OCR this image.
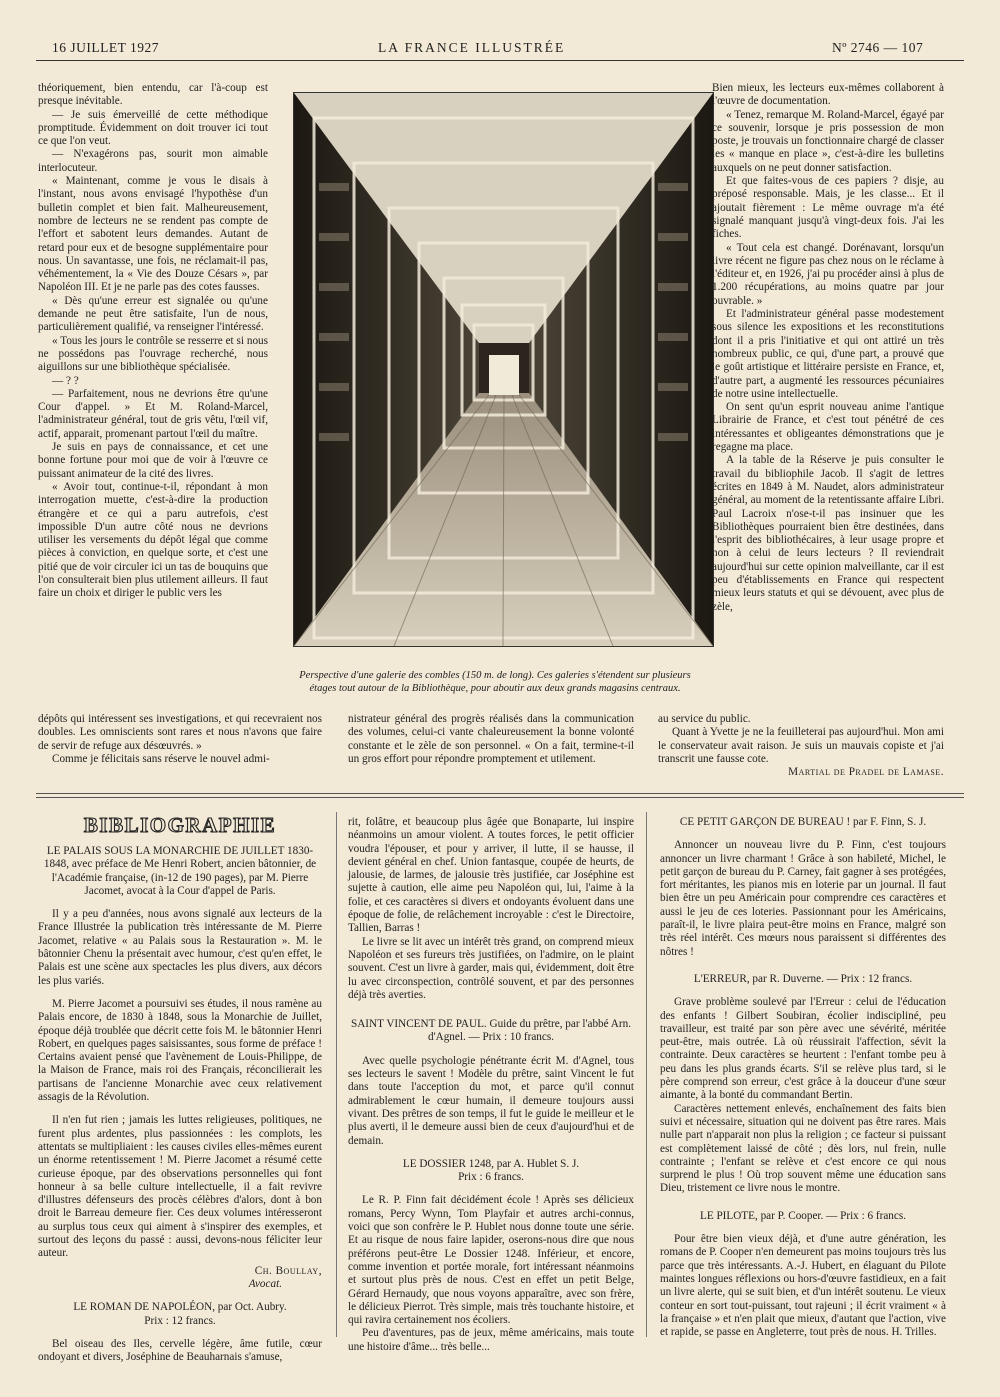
16 JUILLET 1927	LA FRANCE ILLUSTRÉE	Nº 2746 — 107

théoriquement, bien entendu, car l'à-coup est presque inévitable.

— Je suis émerveillé de cette méthodique promptitude. Évidemment on doit trouver ici tout ce que l'on veut.

— N'exagérons pas, sourit mon aimable interlocuteur.

« Maintenant, comme je vous le disais à l'instant, nous avons envisagé l'hypothèse d'un bulletin complet et bien fait. Malheureusement, nombre de lecteurs ne se rendent pas compte de l'effort et sabotent leurs demandes. Autant de retard pour eux et de besogne supplémentaire pour nous. Un savantasse, une fois, ne réclamait-il pas, véhémentement, la « Vie des Douze Césars », par Napoléon III. Et je ne parle pas des cotes fausses.

« Dès qu'une erreur est signalée ou qu'une demande ne peut être satisfaite, l'un de nous, particulièrement qualifié, va renseigner l'intéressé.

« Tous les jours le contrôle se resserre et si nous ne possédons pas l'ouvrage recherché, nous aiguillons sur une bibliothèque spécialisée.

— ? ?

— Parfaitement, nous ne devrions être qu'une Cour d'appel. » Et M. Roland-Marcel, l'administrateur général, tout de gris vêtu, l'œil vif, actif, apparait, promenant partout l'œil du maître.

Je suis en pays de connaissance, et cet une bonne fortune pour moi que de voir à l'œuvre ce puissant animateur de la cité des livres.

« Avoir tout, continue-t-il, répondant à mon interrogation muette, c'est-à-dire la production étrangère et ce qui a paru autrefois, c'est impossible D'un autre côté nous ne devrions utiliser les versements du dépôt légal que comme pièces à conviction, en quelque sorte, et c'est une pitié que de voir circuler ici un tas de bouquins que l'on consulterait bien plus utilement ailleurs. Il faut faire un choix et diriger le public vers les

Perspective d'une galerie des combles (150 m. de long). Ces galeries s'étendent sur plusieurs étages tout autour de la Bibliothèque, pour aboutir aux deux grands magasins centraux.

Bien mieux, les lecteurs eux-mêmes collaborent à l'œuvre de documentation.

« Tenez, remarque M. Roland-Marcel, égayé par ce souvenir, lorsque je pris possession de mon poste, je trouvais un fonctionnaire chargé de classer les « manque en place », c'est-à-dire les bulletins auxquels on ne peut donner satisfaction.

Et que faites-vous de ces papiers ? disje, au préposé responsable. Mais, je les classe... Et il ajoutait fièrement : Le même ouvrage m'a été signalé manquant jusqu'à vingt-deux fois. J'ai les fiches.

« Tout cela est changé. Dorénavant, lorsqu'un livre récent ne figure pas chez nous on le réclame à l'éditeur et, en 1926, j'ai pu procéder ainsi à plus de 1.200 récupérations, au moins quatre par jour ouvrable. »

Et l'administrateur général passe modestement sous silence les expositions et les reconstitutions dont il a pris l'initiative et qui ont attiré un très nombreux public, ce qui, d'une part, a prouvé que le goût artistique et littéraire persiste en France, et, d'autre part, a augmenté les ressources pécuniaires de notre usine intellectuelle.

On sent qu'un esprit nouveau anime l'antique Librairie de France, et c'est tout pénétré de ces intéressantes et obligeantes démonstrations que je regagne ma place.

A la table de la Réserve je puis consulter le travail du bibliophile Jacob. Il s'agit de lettres écrites en 1849 à M. Naudet, alors administrateur général, au moment de la retentissante affaire Libri. Paul Lacroix n'ose-t-il pas insinuer que les Bibliothèques pourraient bien être destinées, dans l'esprit des bibliothécaires, à leur usage propre et non à celui de leurs lecteurs ? Il reviendrait aujourd'hui sur cette opinion malveillante, car il est peu d'établissements en France qui respectent mieux leurs statuts et qui se dévouent, avec plus de zèle,

dépôts qui intéressent ses investigations, et qui recevraient nos doubles. Les omniscients sont rares et nous n'avons que faire de servir de refuge aux désœuvrés. »

Comme je félicitais sans réserve le nouvel admi-

nistrateur général des progrès réalisés dans la communication des volumes, celui-ci vante chaleureusement la bonne volonté constante et le zèle de son personnel. « On a fait, termine-t-il un gros effort pour répondre promptement et utilement.

au service du public.

Quant à Yvette je ne la feuilleterai pas aujourd'hui. Mon ami le conservateur avait raison. Je suis un mauvais copiste et j'ai transcrit une fausse cote.

Martial de Pradel de Lamase.

BIBLIOGRAPHIE

LE PALAIS SOUS LA MONARCHIE DE JUILLET 1830-1848, avec préface de Me Henri Robert, ancien bâtonnier, de l'Académie française, (in-12 de 190 pages), par M. Pierre Jacomet, avocat à la Cour d'appel de Paris.

Il y a peu d'années, nous avons signalé aux lecteurs de la France Illustrée la publication très intéressante de M. Pierre Jacomet, relative « au Palais sous la Restauration ». M. le bâtonnier Chenu la présentait avec humour, c'est qu'en effet, le Palais est une scène aux spectacles les plus divers, aux décors les plus variés.

M. Pierre Jacomet a poursuivi ses études, il nous ramène au Palais encore, de 1830 à 1848, sous la Monarchie de Juillet, époque déjà troublée que décrit cette fois M. le bâtonnier Henri Robert, en quelques pages saisissantes, sous forme de préface ! Certains avaient pensé que l'avènement de Louis-Philippe, de la Maison de France, mais roi des Français, réconcilierait les partisans de l'ancienne Monarchie avec ceux relativement assagis de la Révolution.

Il n'en fut rien ; jamais les luttes religieuses, politiques, ne furent plus ardentes, plus passionnées : les complots, les attentats se multipliaient : les causes civiles elles-mêmes eurent un énorme retentissement ! M. Pierre Jacomet a résumé cette curieuse époque, par des observations personnelles qui font honneur à sa belle culture intellectuelle, il a fait revivre d'illustres défenseurs des procès célèbres d'alors, dont à bon droit le Barreau demeure fier. Ces deux volumes intéresseront au surplus tous ceux qui aiment à s'inspirer des exemples, et surtout des leçons du passé : aussi, devons-nous féliciter leur auteur.

Ch. Boullay,

Avocat.

LE ROMAN DE NAPOLÉON, par Oct. Aubry.

Prix : 12 francs.

Bel oiseau des Iles, cervelle légère, âme futile, cœur ondoyant et divers, Joséphine de Beauharnais s'amuse,

rit, folâtre, et beaucoup plus âgée que Bonaparte, lui inspire néanmoins un amour violent. A toutes forces, le petit officier voudra l'épouser, et pour y arriver, il lutte, il se hausse, il devient général en chef. Union fantasque, coupée de heurts, de jalousie, de larmes, de jalousie très justifiée, car Joséphine est sujette à caution, elle aime peu Napoléon qui, lui, l'aime à la folie, et ces caractères si divers et ondoyants évoluent dans une époque de folie, de relâchement incroyable : c'est le Directoire, Tallien, Barras !

Le livre se lit avec un intérêt très grand, on comprend mieux Napoléon et ses fureurs très justifiées, on l'admire, on le plaint souvent. C'est un livre à garder, mais qui, évidemment, doit être lu avec circonspection, contrôlé souvent, et par des personnes déjà très averties.

SAINT VINCENT DE PAUL. Guide du prêtre, par l'abbé Arn. d'Agnel. — Prix : 10 francs.

Avec quelle psychologie pénétrante écrit M. d'Agnel, tous ses lecteurs le savent ! Modèle du prêtre, saint Vincent le fut dans toute l'acception du mot, et parce qu'il connut admirablement le cœur humain, il demeure toujours aussi vivant. Des prêtres de son temps, il fut le guide le meilleur et le plus averti, il le demeure aussi bien de ceux d'aujourd'hui et de demain.

LE DOSSIER 1248, par A. Hublet S. J.

Prix : 6 francs.

Le R. P. Finn fait décidément école ! Après ses délicieux romans, Percy Wynn, Tom Playfair et autres archi-connus, voici que son confrère le P. Hublet nous donne toute une série. Et au risque de nous faire lapider, oserons-nous dire que nous préférons peut-être Le Dossier 1248. Inférieur, et encore, comme invention et portée morale, fort intéressant néanmoins et surtout plus près de nous. C'est en effet un petit Belge, Gérard Hernaudy, que nous voyons apparaître, avec son frère, le délicieux Pierrot. Très simple, mais très touchante histoire, et qui ravira certainement nos écoliers.

Peu d'aventures, pas de jeux, même américains, mais toute une histoire d'âme... très belle...

CE PETIT GARÇON DE BUREAU ! par F. Finn, S. J.

Annoncer un nouveau livre du P. Finn, c'est toujours annoncer un livre charmant ! Grâce à son habileté, Michel, le petit garçon de bureau du P. Carney, fait gagner à ses protégées, fort méritantes, les pianos mis en loterie par un journal. Il faut bien être un peu Américain pour comprendre ces caractères et aussi le jeu de ces loteries. Passionnant pour les Américains, paraît-il, le livre plaira peut-être moins en France, malgré son très réel intérêt. Ces mœurs nous paraissent si différentes des nôtres !

L'ERREUR, par R. Duverne. — Prix : 12 francs.

Grave problème soulevé par l'Erreur : celui de l'éducation des enfants ! Gilbert Soubiran, écolier indiscipliné, peu travailleur, est traité par son père avec une sévérité, méritée peut-être, mais outrée. Là où réussirait l'affection, sévit la contrainte. Deux caractères se heurtent : l'enfant tombe peu à peu dans les plus grands écarts. S'il se relève plus tard, si le père comprend son erreur, c'est grâce à la douceur d'une sœur aimante, à la bonté du commandant Bertin.

Caractères nettement enlevés, enchaînement des faits bien suivi et nécessaire, situation qui ne doivent pas être rares. Mais nulle part n'apparait non plus la religion ; ce facteur si puissant est complètement laissé de côté ; dès lors, nul frein, nulle contrainte ; l'enfant se relève et c'est encore ce qui nous surprend le plus ! Où trop souvent même une éducation sans Dieu, tristement ce livre nous le montre.

LE PILOTE, par P. Cooper. — Prix : 6 francs.

Pour être bien vieux déjà, et d'une autre génération, les romans de P. Cooper n'en demeurent pas moins toujours très lus parce que très intéressants. A.-J. Hubert, en élaguant du Pilote maintes longues réflexions ou hors-d'œuvre fastidieux, en a fait un livre alerte, qui se suit bien, et d'un intérêt soutenu. Le vieux conteur en sort tout-puissant, tout rajeuni ; il écrit vraiment « à la française » et n'en plait que mieux, d'autant que l'action, vive et rapide, se passe en Angleterre, tout près de nous. H. Trilles.
